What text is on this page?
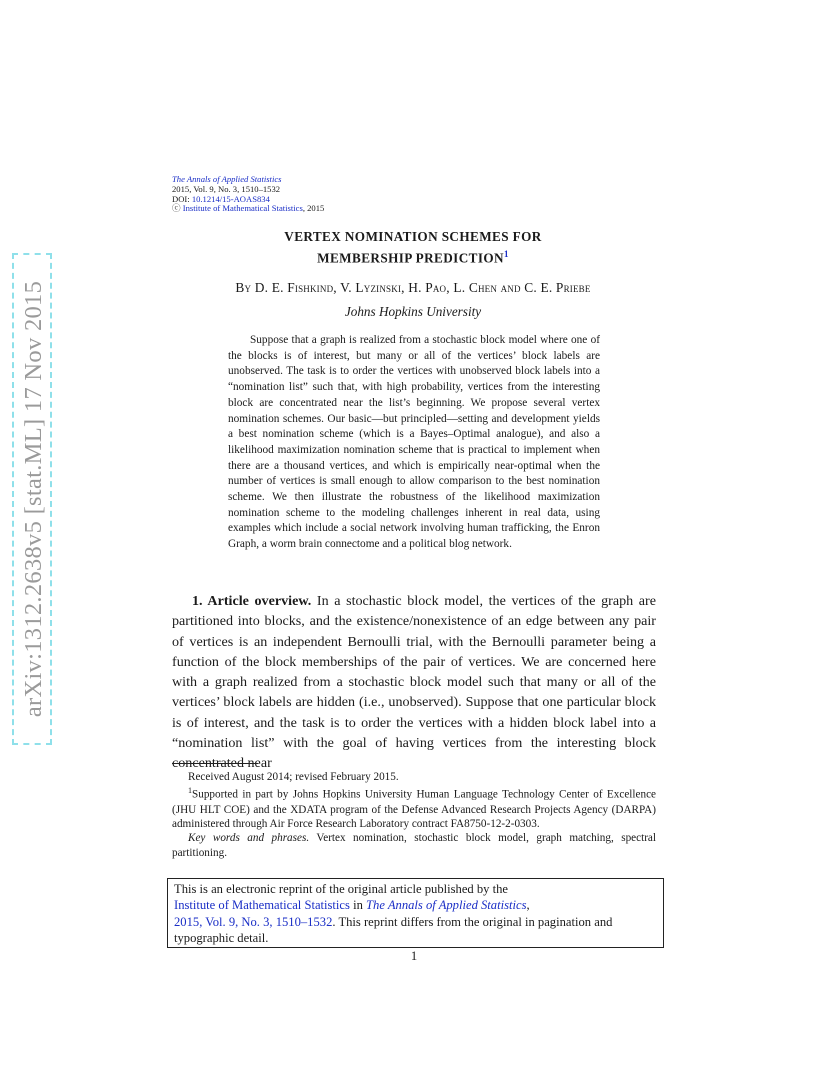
arXiv:1312.2638v5 [stat.ML] 17 Nov 2015
The Annals of Applied Statistics
2015, Vol. 9, No. 3, 1510–1532
DOI: 10.1214/15-AOAS834
ⓒ Institute of Mathematical Statistics, 2015
VERTEX NOMINATION SCHEMES FOR
MEMBERSHIP PREDICTION$^1$
By D. E. Fishkind, V. Lyzinski, H. Pao, L. Chen and C. E. Priebe
Johns Hopkins University
Suppose that a graph is realized from a stochastic block model where one of the blocks is of interest, but many or all of the vertices’ block labels are unobserved. The task is to order the vertices with unobserved block labels into a “nomination list” such that, with high probability, vertices from the interesting block are concentrated near the list’s beginning. We propose several vertex nomination schemes. Our basic—but principled—setting and development yields a best nomination scheme (which is a Bayes–Optimal analogue), and also a likelihood maximization nomination scheme that is practical to implement when there are a thousand vertices, and which is empirically near-optimal when the number of vertices is small enough to allow comparison to the best nomination scheme. We then illustrate the robustness of the likelihood maximization nomination scheme to the modeling challenges inherent in real data, using examples which include a social network involving human trafficking, the Enron Graph, a worm brain connectome and a political blog network.
1. Article overview. In a stochastic block model, the vertices of the graph are partitioned into blocks, and the existence/nonexistence of an edge between any pair of vertices is an independent Bernoulli trial, with the Bernoulli parameter being a function of the block memberships of the pair of vertices. We are concerned here with a graph realized from a stochastic block model such that many or all of the vertices’ block labels are hidden (i.e., unobserved). Suppose that one particular block is of interest, and the task is to order the vertices with a hidden block label into a “nomination list” with the goal of having vertices from the interesting block concentrated near

Received August 2014; revised February 2015.

$^1$Supported in part by Johns Hopkins University Human Language Technology Center of Excellence (JHU HLT COE) and the XDATA program of the Defense Advanced Research Projects Agency (DARPA) administered through Air Force Research Laboratory contract FA8750-12-2-0303.

Key words and phrases. Vertex nomination, stochastic block model, graph matching, spectral partitioning.

This is an electronic reprint of the original article published by the
Institute of Mathematical Statistics in The Annals of Applied Statistics,
2015, Vol. 9, No. 3, 1510–1532. This reprint differs from the original in pagination and typographic detail.
1
